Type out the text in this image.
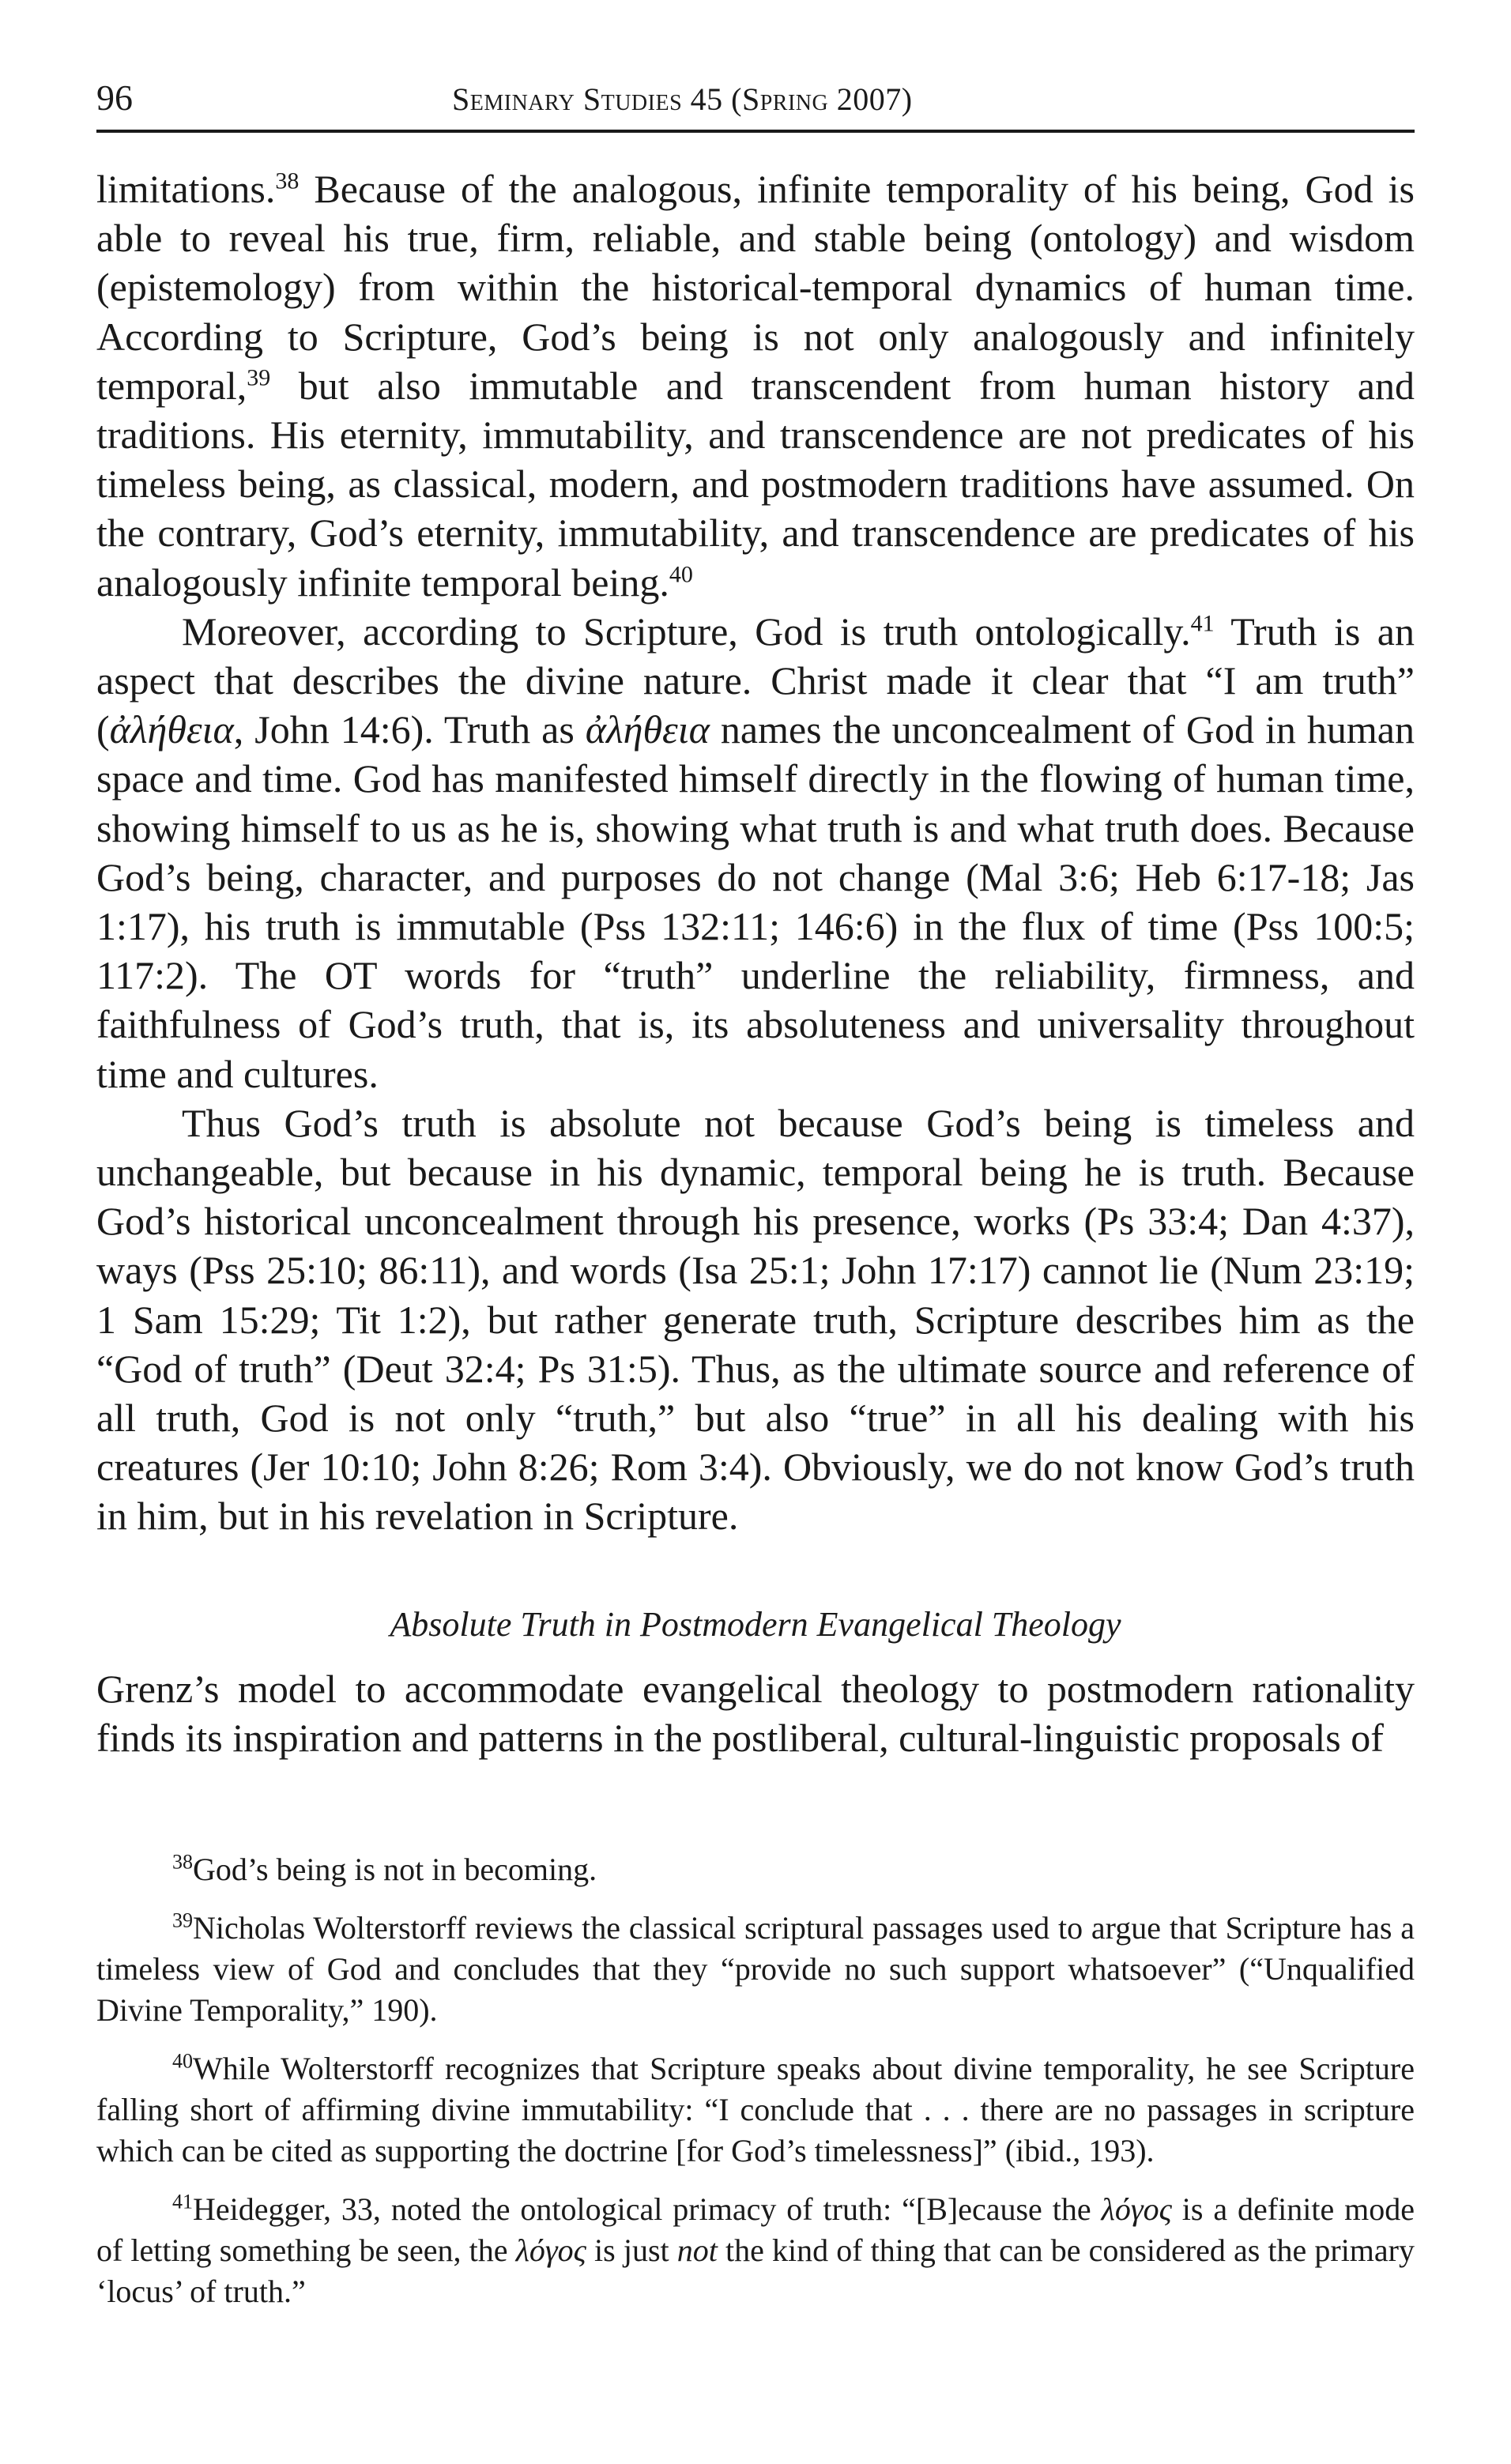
96	Seminary Studies 45 (Spring 2007)

limitations.$^{38}$ Because of the analogous, infinite temporality of his being, God is able to reveal his true, firm, reliable, and stable being (ontology) and wisdom (epistemology) from within the historical-temporal dynamics of human time. According to Scripture, God’s being is not only analogously and infinitely temporal,$^{39}$ but also immutable and transcendent from human history and traditions. His eternity, immutability, and transcendence are not predicates of his timeless being, as classical, modern, and postmodern traditions have assumed. On the contrary, God’s eternity, immutability, and transcendence are predicates of his analogously infinite temporal being.$^{40}$

Moreover, according to Scripture, God is truth ontologically.$^{41}$ Truth is an aspect that describes the divine nature. Christ made it clear that “I am truth” (ἀλήθεια, John 14:6). Truth as ἀλήθεια names the unconcealment of God in human space and time. God has manifested himself directly in the flowing of human time, showing himself to us as he is, showing what truth is and what truth does. Because God’s being, character, and purposes do not change (Mal 3:6; Heb 6:17-18; Jas 1:17), his truth is immutable (Pss 132:11; 146:6) in the flux of time (Pss 100:5; 117:2). The OT words for “truth” underline the reliability, firmness, and faithfulness of God’s truth, that is, its absoluteness and universality throughout time and cultures.

Thus God’s truth is absolute not because God’s being is timeless and unchangeable, but because in his dynamic, temporal being he is truth. Because God’s historical unconcealment through his presence, works (Ps 33:4; Dan 4:37), ways (Pss 25:10; 86:11), and words (Isa 25:1; John 17:17) cannot lie (Num 23:19; 1 Sam 15:29; Tit 1:2), but rather generate truth, Scripture describes him as the “God of truth” (Deut 32:4; Ps 31:5). Thus, as the ultimate source and reference of all truth, God is not only “truth,” but also “true” in all his dealing with his creatures (Jer 10:10; John 8:26; Rom 3:4). Obviously, we do not know God’s truth in him, but in his revelation in Scripture.

Absolute Truth in Postmodern Evangelical Theology

Grenz’s model to accommodate evangelical theology to postmodern rationality finds its inspiration and patterns in the postliberal, cultural-linguistic proposals of

$^{38}$God’s being is not in becoming.

$^{39}$Nicholas Wolterstorff reviews the classical scriptural passages used to argue that Scripture has a timeless view of God and concludes that they “provide no such support whatsoever” (“Unqualified Divine Temporality,” 190).

$^{40}$While Wolterstorff recognizes that Scripture speaks about divine temporality, he see Scripture falling short of affirming divine immutability: “I conclude that . . . there are no passages in scripture which can be cited as supporting the doctrine [for God’s timelessness]” (ibid., 193).

$^{41}$Heidegger, 33, noted the ontological primacy of truth: “[B]ecause the λόγος is a definite mode of letting something be seen, the λόγος is just not the kind of thing that can be considered as the primary ‘locus’ of truth.”
